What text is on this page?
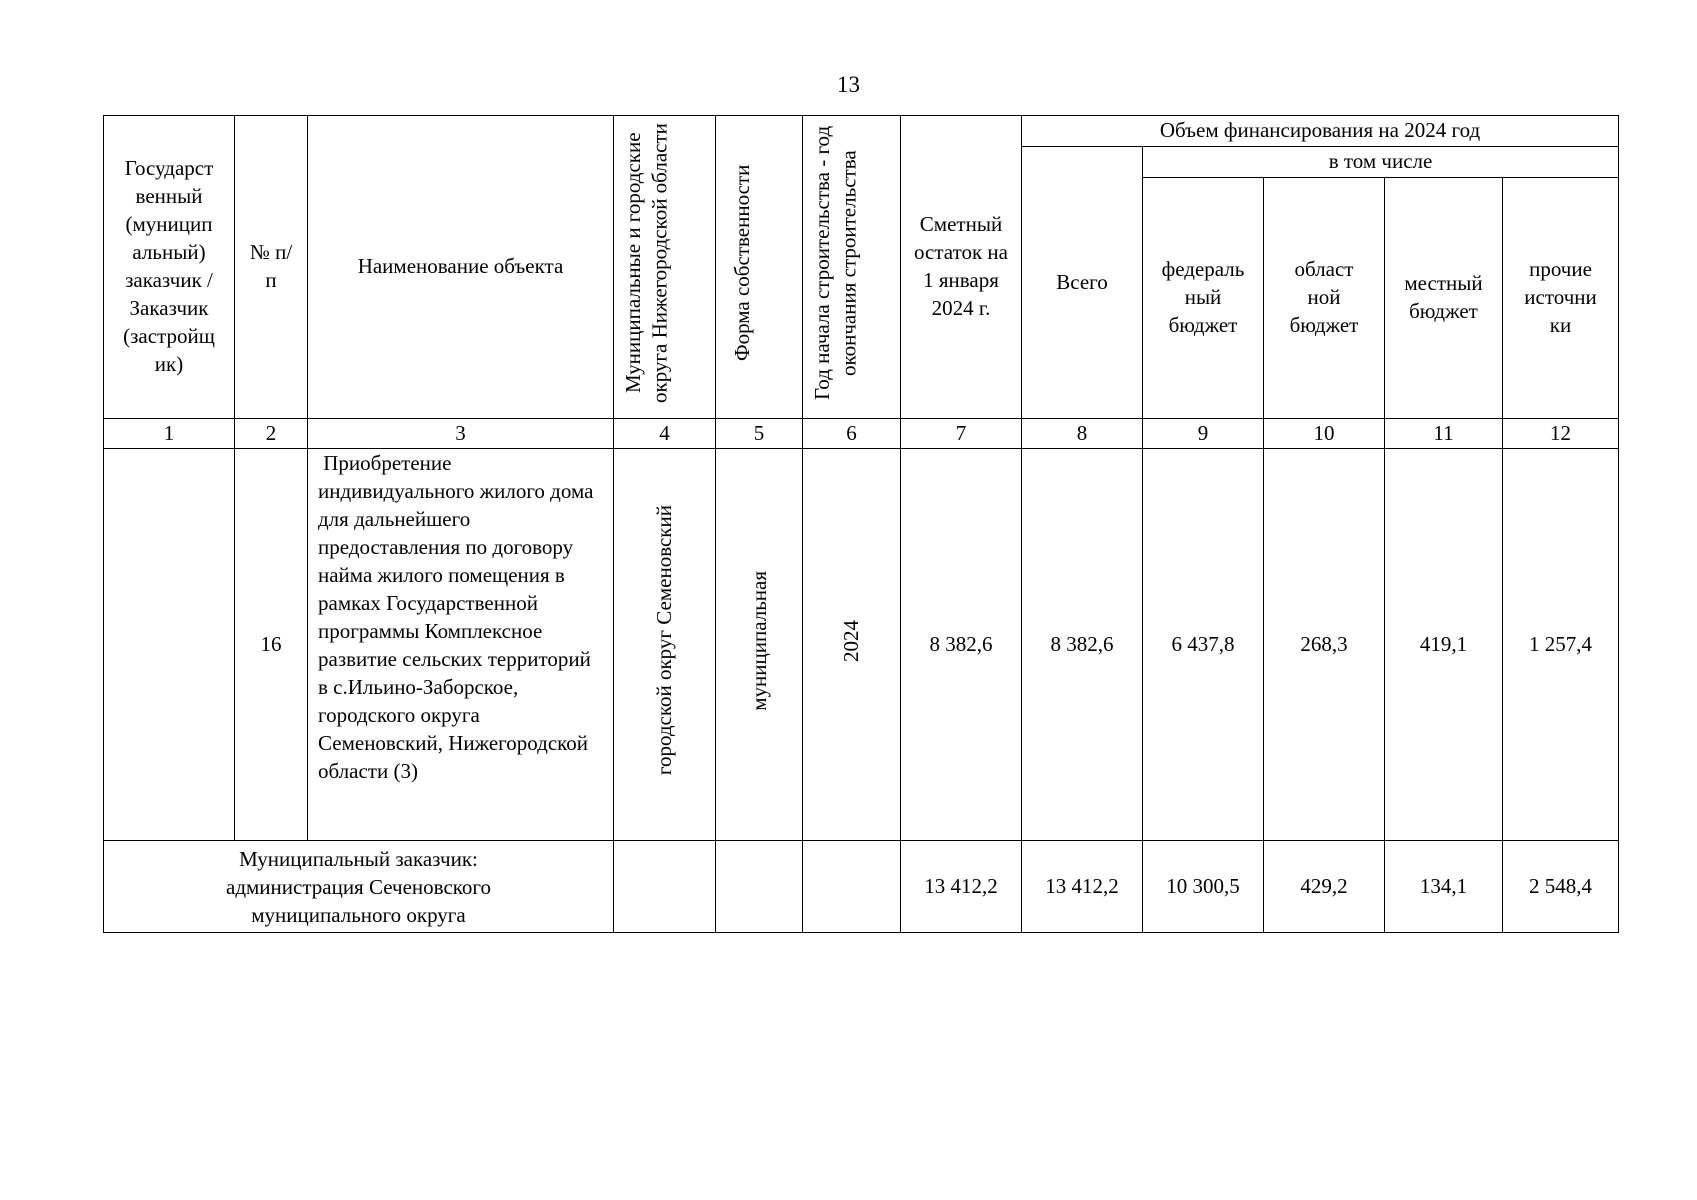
13
Государст венный (муницип альный) заказчик / Заказчик (застройщ ик)	№ п/п	Наименование объекта	Муниципальные и городские округа Нижегородской области	Форма собственности	Год начала строительства - год окончания строительства	Сметный остаток на 1 января 2024 г.	Объем финансирования на 2024 год				
							Всего	в том числе			
								федераль ный бюджет	област ной бюджет	местный бюджет	прочие источни ки
1	2	3	4	5	6	7	8	9	10	11	12
	16	Приобретение индивидуального жилого дома для дальнейшего предоставления по договору найма жилого помещения в рамках Государственной программы Комплексное развитие сельских территорий в с.Ильино-Заборское, городского округа Семеновский, Нижегородской области (3)	городской округ Семеновский	муниципальная	2024	8 382,6	8 382,6	6 437,8	268,3	419,1	1 257,4
Муниципальный заказчик: администрация Сеченовского муниципального округа						13 412,2	13 412,2	10 300,5	429,2	134,1	2 548,4
